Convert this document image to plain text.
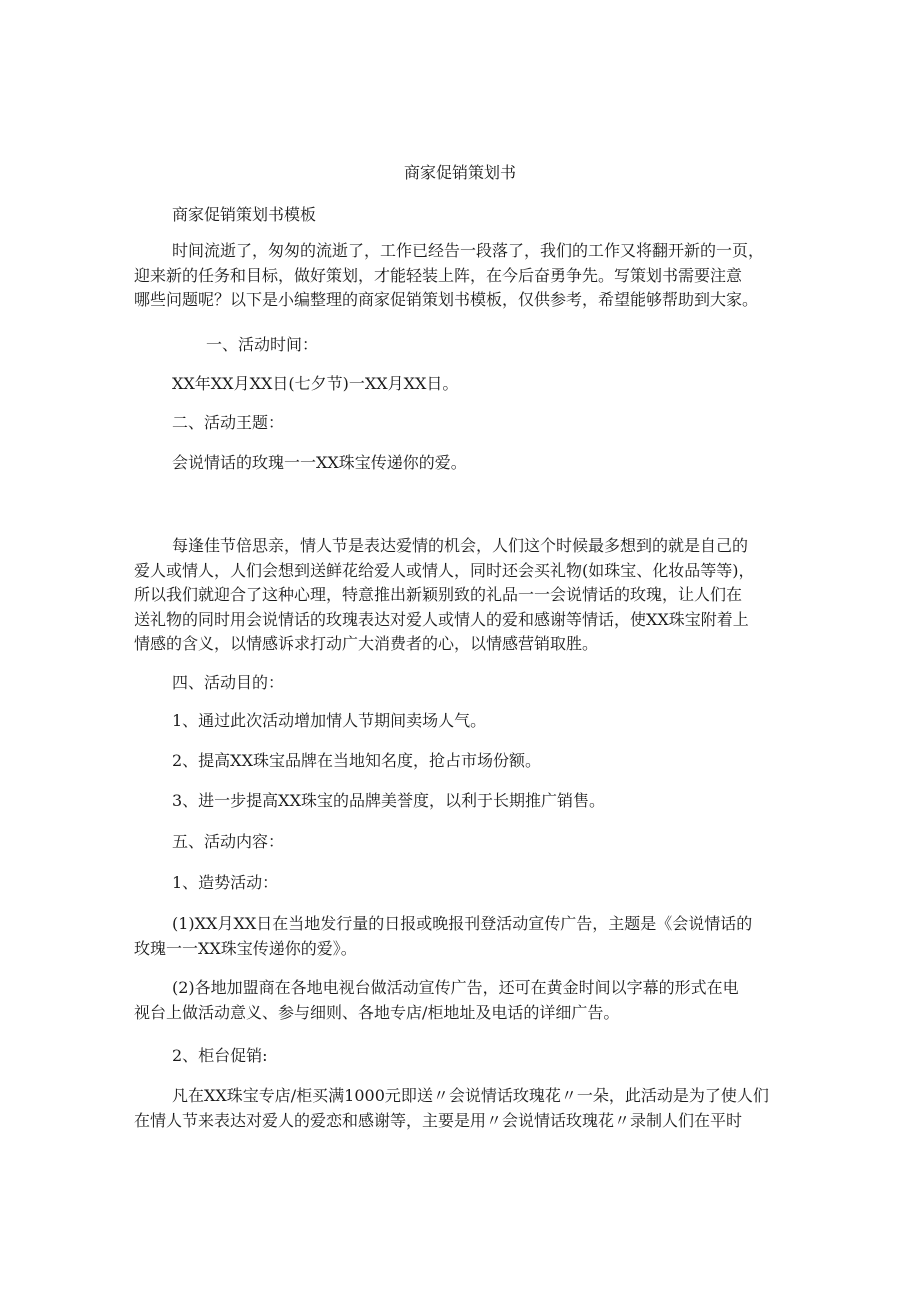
商家促销策划书
商家促销策划书模板
时间流逝了，匆匆的流逝了，工作已经告一段落了，我们的工作又将翻开新的一页，
迎来新的任务和目标，做好策划，才能轻装上阵，在今后奋勇争先。写策划书需要注意
哪些问题呢？以下是小编整理的商家促销策划书模板，仅供参考，希望能够帮助到大家。
一、活动时间：
XX年XX月XX日(七夕节)一XX月XX日。
二、活动王题：
会说情话的玫瑰一一XX珠宝传递你的爱。
每逢佳节倍思亲，情人节是表达爱情的机会，人们这个时候最多想到的就是自己的
爱人或情人，人们会想到送鲜花给爱人或情人，同时还会买礼物(如珠宝、化妆品等等)，
所以我们就迎合了这种心理，特意推出新颖别致的礼品一一会说情话的玫瑰，让人们在
送礼物的同时用会说情话的玫瑰表达对爱人或情人的爱和感谢等情话，使XX珠宝附着上
情感的含义，以情感诉求打动广大消费者的心，以情感营销取胜。
四、活动目的：
1、通过此次活动增加情人节期间卖场人气。
2、提高XX珠宝品牌在当地知名度，抢占市场份额。
3、进一步提高XX珠宝的品牌美誉度，以利于长期推广销售。
五、活动内容：
1、造势活动：
(1)XX月XX日在当地发行量的日报或晚报刊登活动宣传广告，主题是《会说情话的
玫瑰一一XX珠宝传递你的爱》。
(2)各地加盟商在各地电视台做活动宣传广告，还可在黄金时间以字幕的形式在电
视台上做活动意义、参与细则、各地专店/柜地址及电话的详细广告。
2、柜台促销:
凡在XX珠宝专店/柜买满1000元即送〃会说情话玫瑰花〃一朵，此活动是为了使人们
在情人节来表达对爱人的爱恋和感谢等，主要是用〃会说情话玫瑰花〃录制人们在平时
